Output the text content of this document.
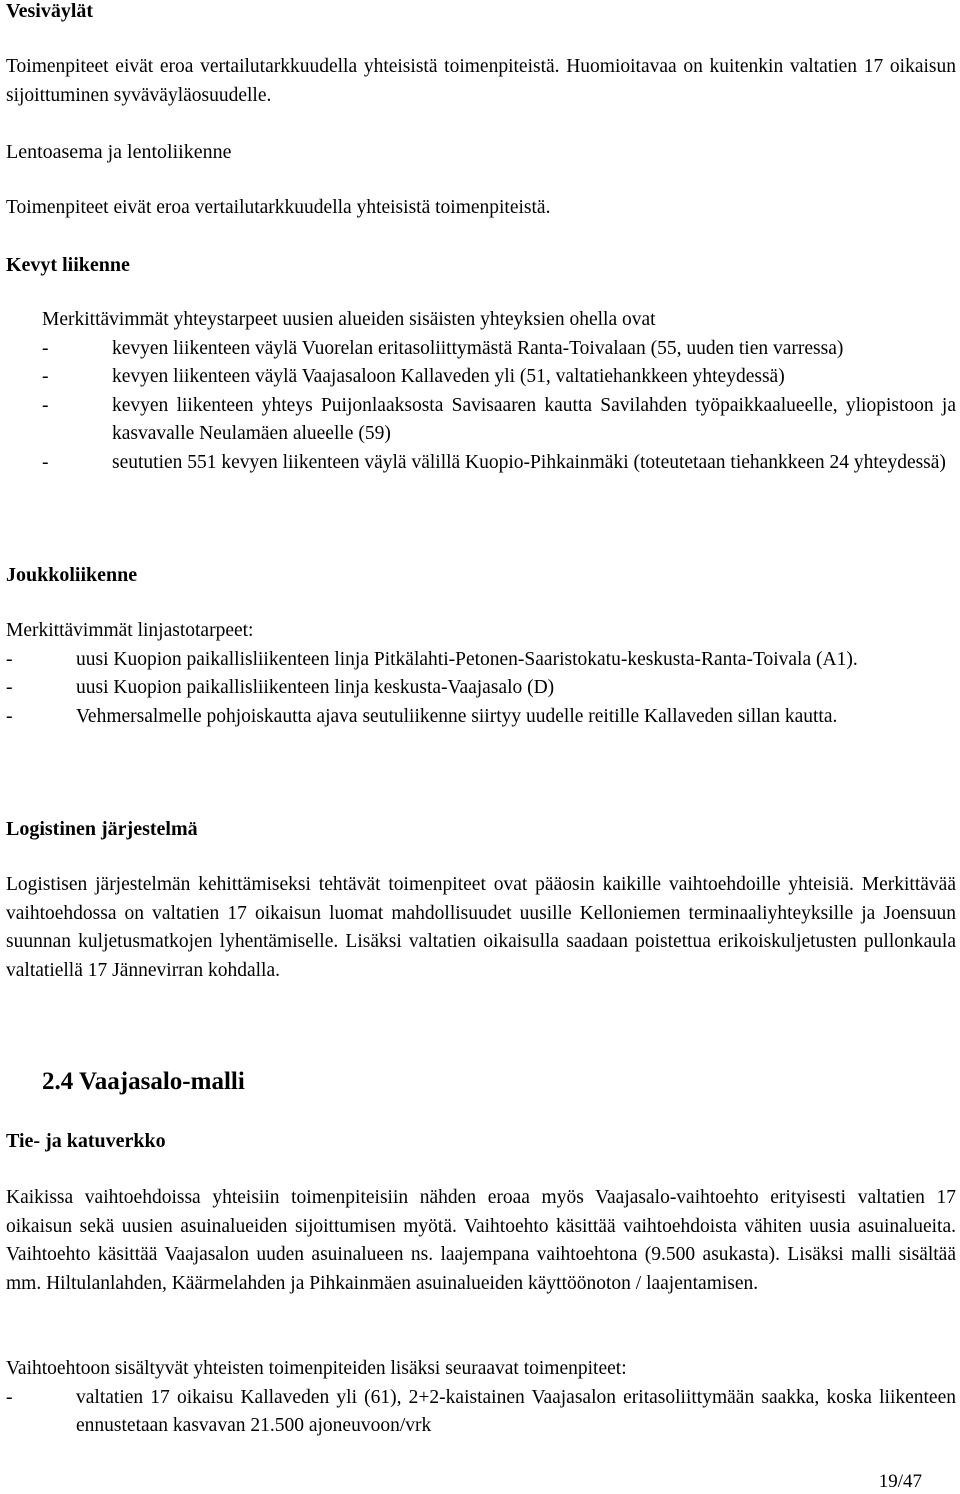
Vesiväylät

Toimenpiteet eivät eroa vertailutarkkuudella yhteisistä toimenpiteistä. Huomioitavaa on kuitenkin valtatien 17 oikaisun sijoittuminen syväväyläosuudelle.

Lentoasema ja lentoliikenne

Toimenpiteet eivät eroa vertailutarkkuudella yhteisistä toimenpiteistä.

Kevyt liikenne
Merkittävimmät yhteystarpeet uusien alueiden sisäisten yhteyksien ohella ovat
-	kevyen liikenteen väylä Vuorelan eritasoliittymästä Ranta-Toivalaan (55, uuden tien varressa)
-	kevyen liikenteen väylä Vaajasaloon Kallaveden yli (51, valtatiehankkeen yhteydessä)
-	kevyen liikenteen yhteys Puijonlaaksosta Savisaaren kautta Savilahden työpaikkaalueelle, yliopistoon ja kasvavalle Neulamäen alueelle (59)
-	seututien 551 kevyen liikenteen väylä välillä Kuopio-Pihkainmäki (toteutetaan tiehankkeen 24 yhteydessä)
Joukkoliikenne
Merkittävimmät linjastotarpeet:
-	uusi Kuopion paikallisliikenteen linja Pitkälahti-Petonen-Saaristokatu-keskusta-Ranta-Toivala (A1).
-	uusi Kuopion paikallisliikenteen linja keskusta-Vaajasalo (D)
-	Vehmersalmelle pohjoiskautta ajava seutuliikenne siirtyy uudelle reitille Kallaveden sillan kautta.
Logistinen järjestelmä

Logistisen järjestelmän kehittämiseksi tehtävät toimenpiteet ovat pääosin kaikille vaihtoehdoille yhteisiä. Merkittävää vaihtoehdossa on valtatien 17 oikaisun luomat mahdollisuudet uusille Kelloniemen terminaaliyhteyksille ja Joensuun suunnan kuljetusmatkojen lyhentämiselle. Lisäksi valtatien oikaisulla saadaan poistettua erikoiskuljetusten pullonkaula valtatiellä 17 Jännevirran kohdalla.

2.4 Vaajasalo-malli
Tie- ja katuverkko

Kaikissa vaihtoehdoissa yhteisiin toimenpiteisiin nähden eroaa myös Vaajasalo-vaihtoehto erityisesti valtatien 17 oikaisun sekä uusien asuinalueiden sijoittumisen myötä. Vaihtoehto käsittää vaihtoehdoista vähiten uusia asuinalueita. Vaihtoehto käsittää Vaajasalon uuden asuinalueen ns. laajempana vaihtoehtona (9.500 asukasta). Lisäksi malli sisältää mm. Hiltulanlahden, Käärmelahden ja Pihkainmäen asuinalueiden käyttöönoton / laajentamisen.

Vaihtoehtoon sisältyvät yhteisten toimenpiteiden lisäksi seuraavat toimenpiteet:
-	valtatien 17 oikaisu Kallaveden yli (61), 2+2-kaistainen Vaajasalon eritasoliittymään saakka, koska liikenteen ennustetaan kasvavan 21.500 ajoneuvoon/vrk
19/47
